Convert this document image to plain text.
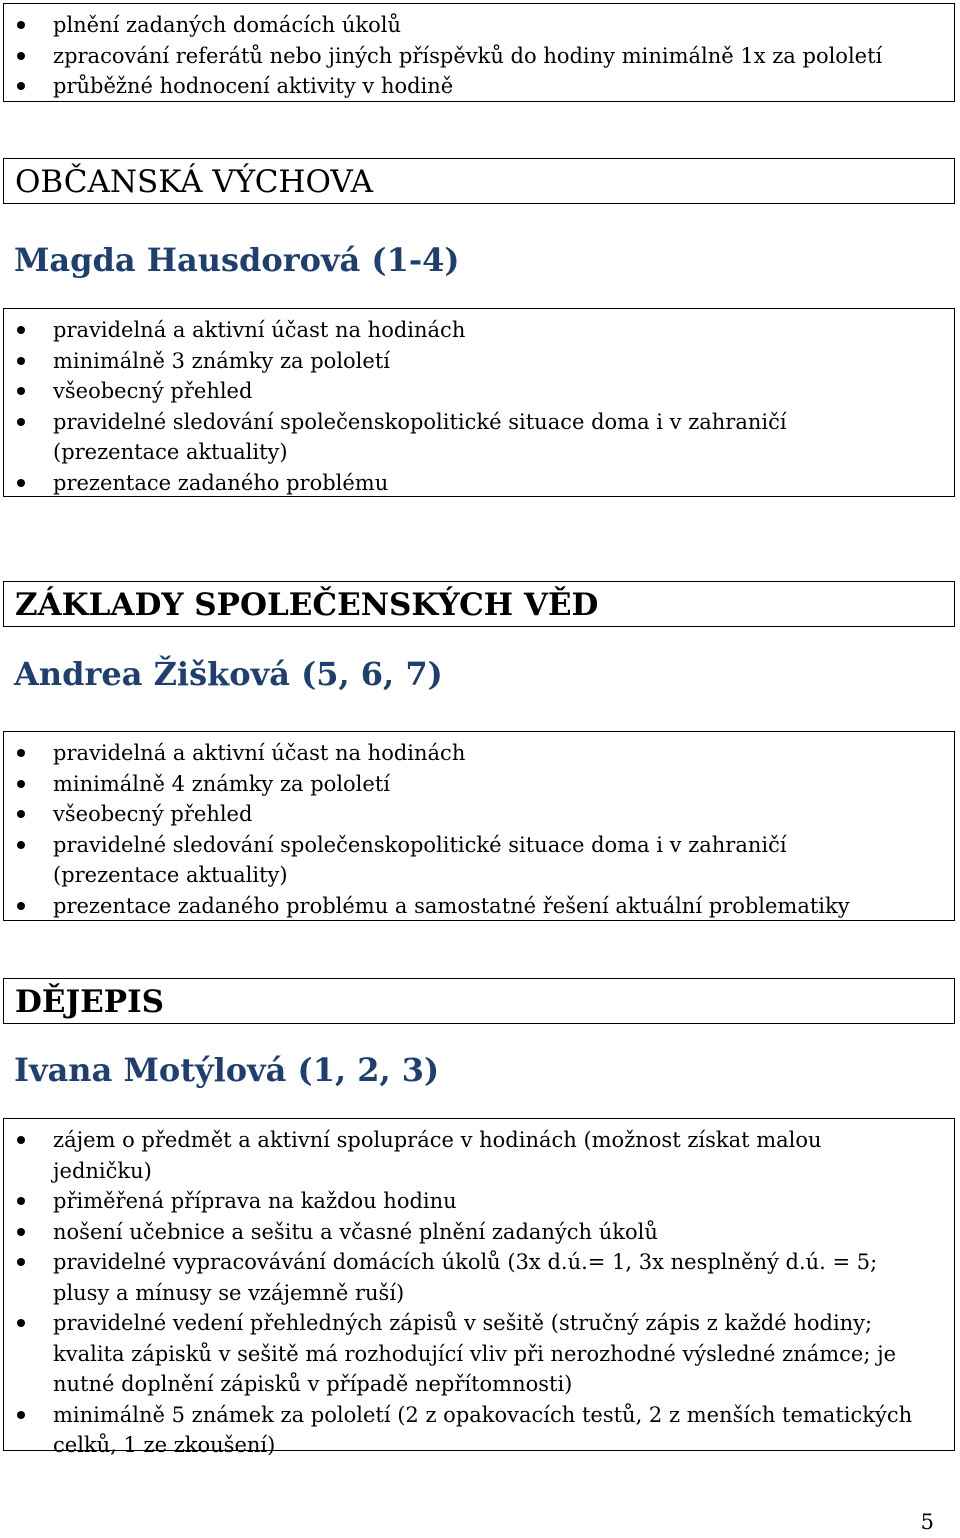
plnění zadaných domácích úkolů
zpracování referátů nebo jiných příspěvků do hodiny minimálně 1x za pololetí
průběžné hodnocení aktivity v hodině
OBČANSKÁ VÝCHOVA
Magda Hausdorová (1-4)
pravidelná a aktivní účast na hodinách
minimálně 3 známky za pololetí
všeobecný přehled
pravidelné sledování společenskopolitické situace doma i v zahraničí (prezentace aktuality)
prezentace zadaného problému
ZÁKLADY SPOLEČENSKÝCH VĚD
Andrea Žišková (5, 6, 7)
pravidelná a aktivní účast na hodinách
minimálně 4 známky za pololetí
všeobecný přehled
pravidelné sledování společenskopolitické situace doma i v zahraničí (prezentace aktuality)
prezentace zadaného problému a samostatné řešení aktuální problematiky
DĚJEPIS
Ivana Motýlová (1, 2, 3)
zájem o předmět a aktivní spolupráce v hodinách (možnost získat malou jedničku)
přiměřená příprava na každou hodinu
nošení učebnice a sešitu a včasné plnění zadaných úkolů
pravidelné vypracovávání domácích úkolů (3x d.ú.= 1, 3x nesplněný d.ú. = 5; plusy a mínusy se vzájemně ruší)
pravidelné vedení přehledných zápisů v sešitě (stručný zápis z každé hodiny; kvalita zápisků v sešitě má rozhodující vliv při nerozhodné výsledné známce; je nutné doplnění zápisků v případě nepřítomnosti)
minimálně 5 známek za pololetí (2 z opakovacích testů, 2 z menších tematických celků, 1 ze zkoušení)
5
